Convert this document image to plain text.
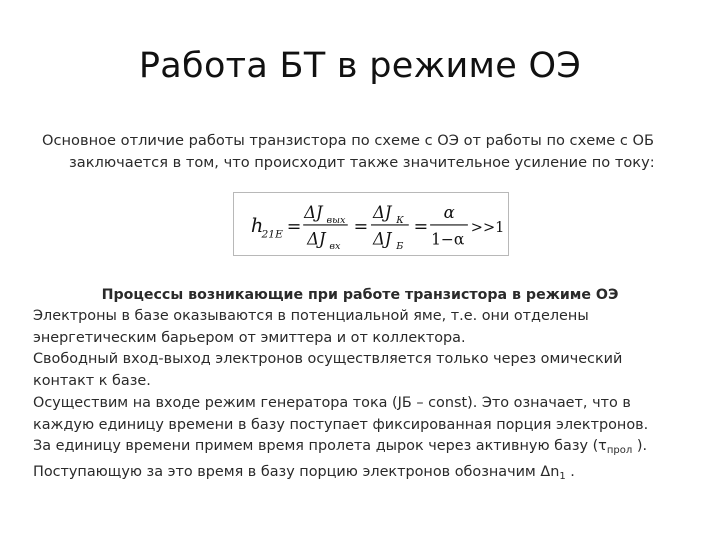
Работа БТ в режиме ОЭ
Основное отличие работы транзистора по схеме с ОЭ от работы по схеме с ОБ
заключается в том, что происходит также значительное усиление по току:
h
21E =
ΔJ вых
ΔJ вх
=
ΔJ К
ΔJ Б
=
α
1−α
>>1
Процессы возникающие при работе транзистора в режиме ОЭ
Электроны в базе оказываются в потенциальной яме, т.е. они отделены
энергетическим барьером от эмиттера и от коллектора.
Свободный вход-выход электронов осуществляется только через омический
контакт к базе.
Осуществим на входе режим генератора тока (JБ – const). Это означает, что в
каждую единицу времени в базу поступает фиксированная порция электронов.
За единицу времени примем время пролета дырок через активную базу ($\tau_{прол}$ ).
Поступающую за это время в базу порцию электронов обозначим $\Delta n_1$ .
